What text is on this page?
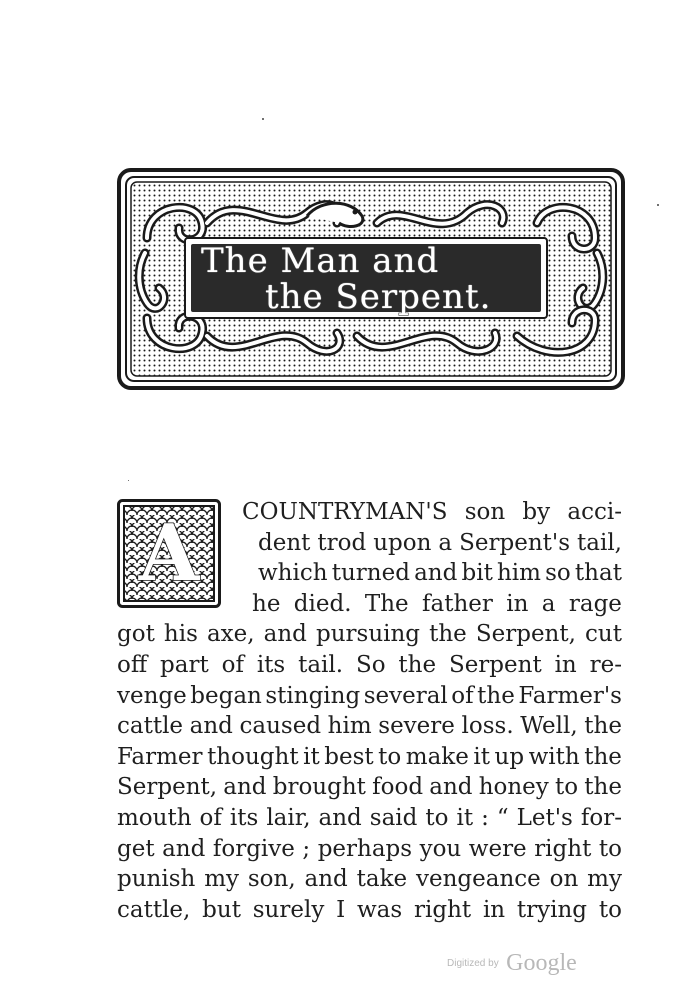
The Man and
the Serpent.
A	COUNTRYMAN'S son by acci-
dent trod upon a Serpent's tail,
which turned and bit him so that
he died. The father in a rage
got his axe, and pursuing the Serpent, cut
off part of its tail. So the Serpent in re-
venge began stinging several of the Farmer's
cattle and caused him severe loss. Well, the
Farmer thought it best to make it up with the
Serpent, and brought food and honey to the
mouth of its lair, and said to it : “ Let's for-
get and forgive ; perhaps you were right to
punish my son, and take vengeance on my
cattle, but surely I was right in trying to
Digitized by Google
